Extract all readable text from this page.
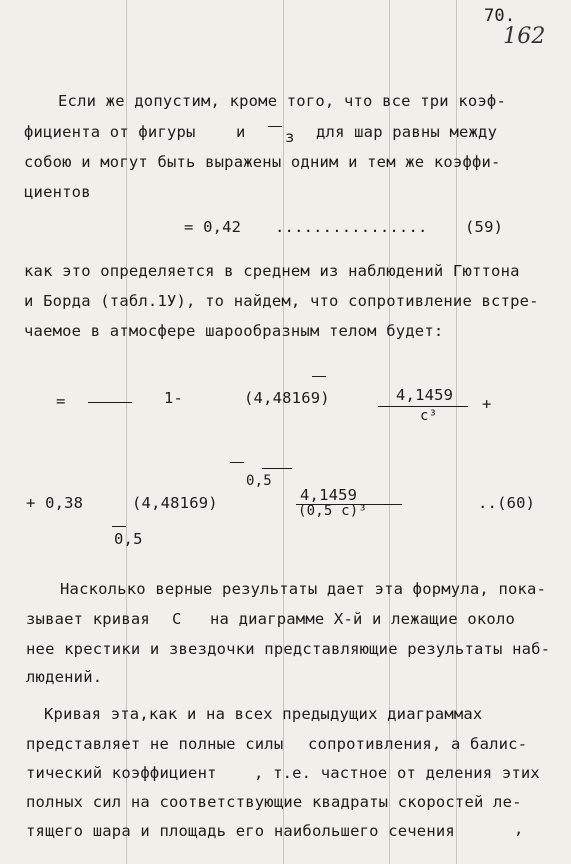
70.
162
Если же допустим, кроме того, что все три коэф-
фициента от фигуры	и	з для шар равны между
собою и могут быть выражены одним и тем же коэффи-
циентов
= 0,42 ................ (59)
как это определяется в среднем из наблюдений Гюттона
и Борда (табл.1У), то найдем, что сопротивление встре-
чаемое в атмосфере шарообразным телом будет:
=	1-	(4,48169)	4,1459
c³
+
0,5
+ 0,38	(4,48169)	4,1459
(0,5 c)³	..(60)
0,5
Насколько верные результаты дает эта формула, пока-
зывает кривая С на диаграмме X-й и лежащие около
нее крестики и звездочки представляющие результаты наб-
людений.
Кривая эта,как и на всех предыдущих диаграммах
представляет не полные силы сопротивления, а балис-
тический коэффициент , т.е. частное от деления этих
полных сил на соответствующие квадраты скоростей ле-
тящего шара и площадь его наибольшего сечения	,
